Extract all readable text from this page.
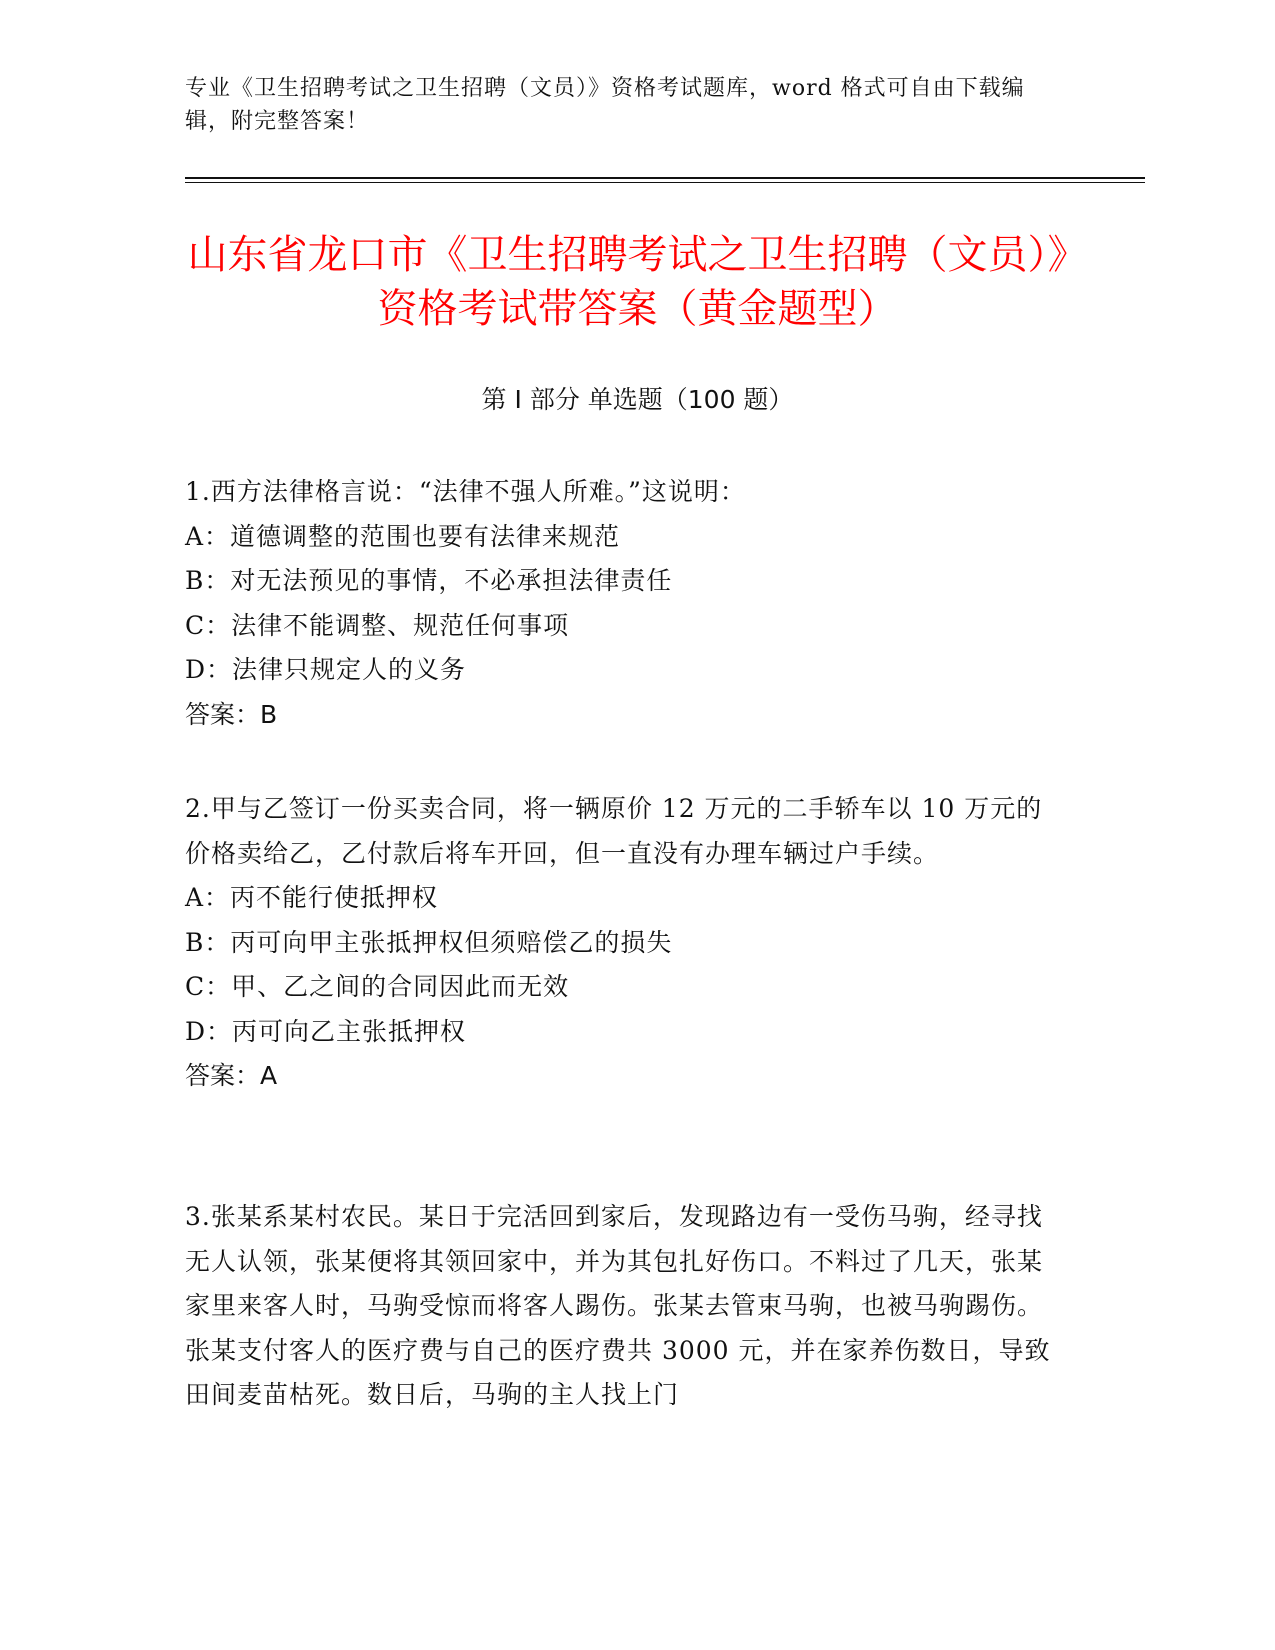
专业《卫生招聘考试之卫生招聘（文员）》资格考试题库，word 格式可自由下载编辑，附完整答案！
山东省龙口市《卫生招聘考试之卫生招聘（文员）》资格考试带答案（黄金题型）
第 I 部分 单选题（100 题）
1.西方法律格言说：“法律不强人所难。”这说明：
A：道德调整的范围也要有法律来规范
B：对无法预见的事情，不必承担法律责任
C：法律不能调整、规范任何事项
D：法律只规定人的义务
答案：B
2.甲与乙签订一份买卖合同，将一辆原价 12 万元的二手轿车以 10 万元的价格卖给乙，乙付款后将车开回，但一直没有办理车辆过户手续。
A：丙不能行使抵押权
B：丙可向甲主张抵押权但须赔偿乙的损失
C：甲、乙之间的合同因此而无效
D：丙可向乙主张抵押权
答案：A
3.张某系某村农民。某日于完活回到家后，发现路边有一受伤马驹，经寻找无人认领，张某便将其领回家中，并为其包扎好伤口。不料过了几天，张某家里来客人时，马驹受惊而将客人踢伤。张某去管束马驹，也被马驹踢伤。张某支付客人的医疗费与自己的医疗费共 3000 元，并在家养伤数日，导致田间麦苗枯死。数日后，马驹的主人找上门
